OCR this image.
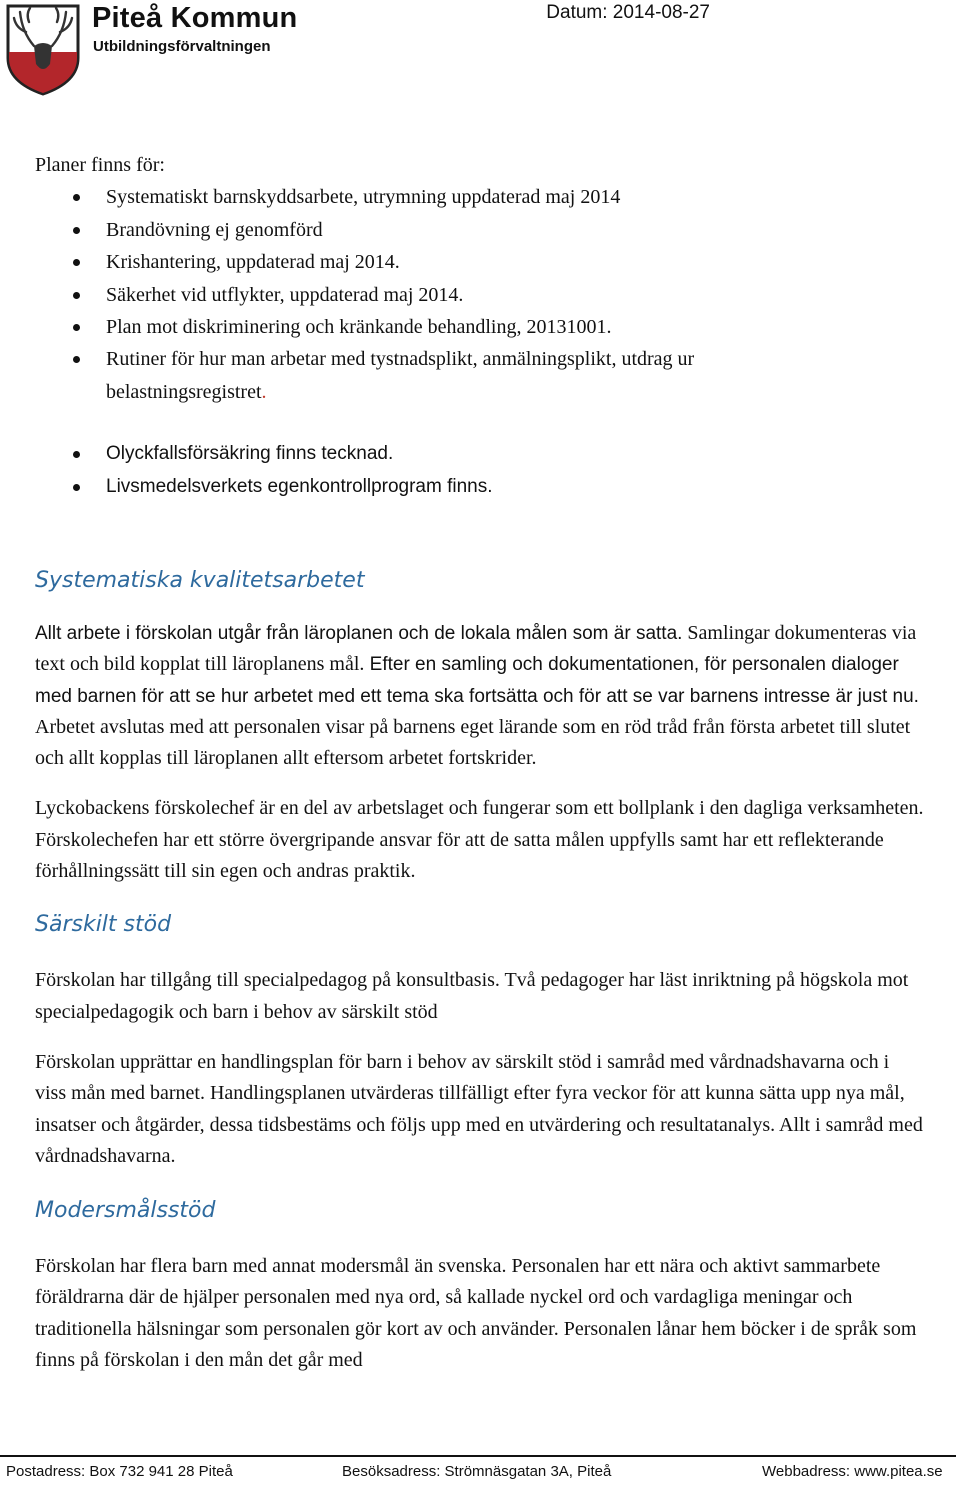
Piteå Kommun
Utbildningsförvaltningen
Datum: 2014-08-27

Planer finns för:

Systematiskt barnskyddsarbete, utrymning uppdaterad maj 2014
Brandövning ej genomförd
Krishantering, uppdaterad maj 2014.
Säkerhet vid utflykter, uppdaterad maj 2014.
Plan mot diskriminering och kränkande behandling, 20131001.
Rutiner för hur man arbetar med tystnadsplikt, anmälningsplikt, utdrag ur belastningsregistret.
Olyckfallsförsäkring finns tecknad.
Livsmedelsverkets egenkontrollprogram finns.
Systematiska kvalitetsarbetet

Allt arbete i förskolan utgår från läroplanen och de lokala målen som är satta. Samlingar dokumenteras via text och bild kopplat till läroplanens mål. Efter en samling och dokumentationen, för personalen dialoger med barnen för att se hur arbetet med ett tema ska fortsätta och för att se var barnens intresse är just nu. Arbetet avslutas med att personalen visar på barnens eget lärande som en röd tråd från första arbetet till slutet och allt kopplas till läroplanen allt eftersom arbetet fortskrider.

Lyckobackens förskolechef är en del av arbetslaget och fungerar som ett bollplank i den dagliga verksamheten. Förskolechefen har ett större övergripande ansvar för att de satta målen uppfylls samt har ett reflekterande förhållningssätt till sin egen och andras praktik.

Särskilt stöd

Förskolan har tillgång till specialpedagog på konsultbasis. Två pedagoger har läst inriktning på högskola mot specialpedagogik och barn i behov av särskilt stöd

Förskolan upprättar en handlingsplan för barn i behov av särskilt stöd i samråd med vårdnadshavarna och i viss mån med barnet. Handlingsplanen utvärderas tillfälligt efter fyra veckor för att kunna sätta upp nya mål, insatser och åtgärder, dessa tidsbestäms och följs upp med en utvärdering och resultatanalys. Allt i samråd med vårdnadshavarna.

Modersmålsstöd

Förskolan har flera barn med annat modersmål än svenska. Personalen har ett nära och aktivt sammarbete föräldrarna där de hjälper personalen med nya ord, så kallade nyckel ord och vardagliga meningar och traditionella hälsningar som personalen gör kort av och använder. Personalen lånar hem böcker i de språk som finns på förskolan i den mån det går med

Postadress: Box 732 941 28 Piteå	Besöksadress: Strömnäsgatan 3A, Piteå	Webbadress: www.pitea.se
